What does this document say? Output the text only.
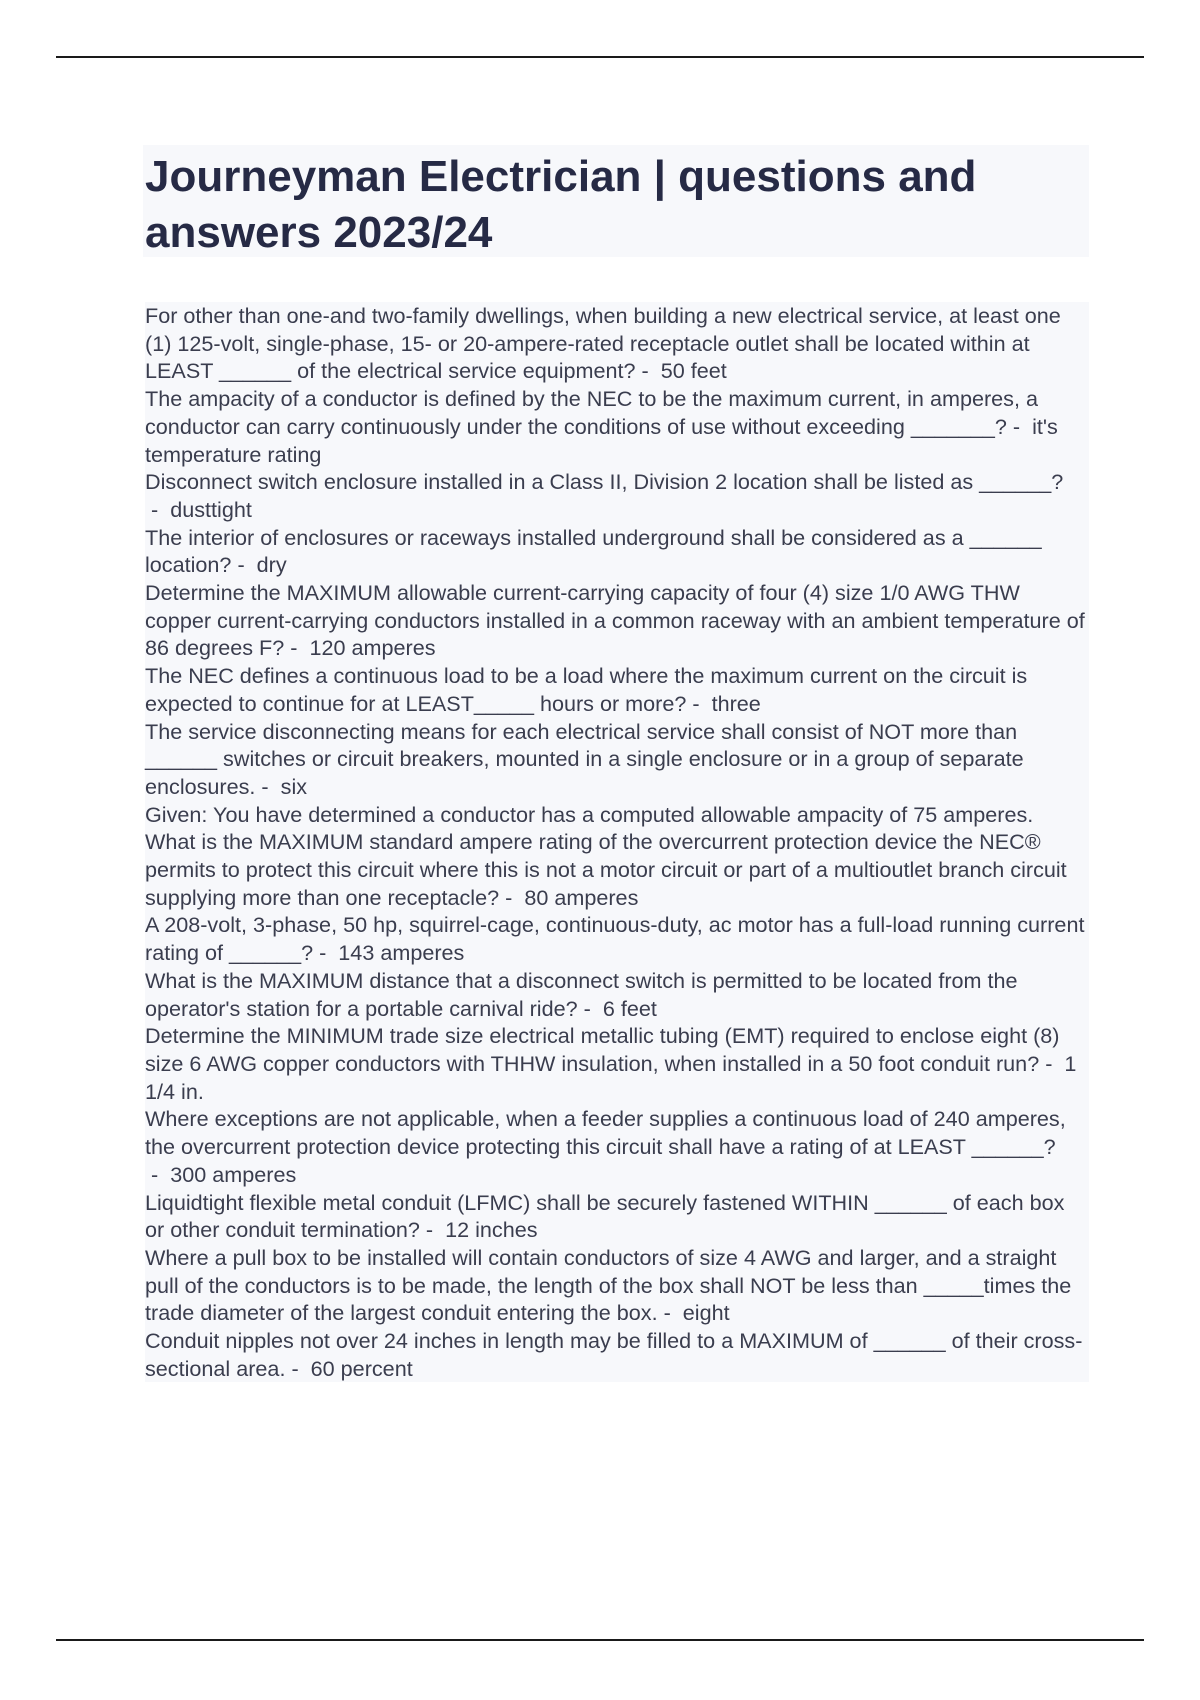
Journeyman Electrician | questions and answers 2023/24

For other than one-and two-family dwellings, when building a new electrical service, at least one (1) 125-volt, single-phase, 15- or 20-ampere-rated receptacle outlet shall be located within at LEAST ______ of the electrical service equipment? -  50 feet

The ampacity of a conductor is defined by the NEC to be the maximum current, in amperes, a conductor can carry continuously under the conditions of use without exceeding _______? -  it's temperature rating

Disconnect switch enclosure installed in a Class II, Division 2 location shall be listed as ______? -  dusttight

The interior of enclosures or raceways installed underground shall be considered as a ______ location? -  dry

Determine the MAXIMUM allowable current-carrying capacity of four (4) size 1/0 AWG THW copper current-carrying conductors installed in a common raceway with an ambient temperature of 86 degrees F? -  120 amperes

The NEC defines a continuous load to be a load where the maximum current on the circuit is expected to continue for at LEAST_____ hours or more? -  three

The service disconnecting means for each electrical service shall consist of NOT more than ______ switches or circuit breakers, mounted in a single enclosure or in a group of separate enclosures. -  six

Given: You have determined a conductor has a computed allowable ampacity of 75 amperes. What is the MAXIMUM standard ampere rating of the overcurrent protection device the NEC® permits to protect this circuit where this is not a motor circuit or part of a multioutlet branch circuit supplying more than one receptacle? -  80 amperes

A 208-volt, 3-phase, 50 hp, squirrel-cage, continuous-duty, ac motor has a full-load running current rating of ______? -  143 amperes

What is the MAXIMUM distance that a disconnect switch is permitted to be located from the operator's station for a portable carnival ride? -  6 feet

Determine the MINIMUM trade size electrical metallic tubing (EMT) required to enclose eight (8) size 6 AWG copper conductors with THHW insulation, when installed in a 50 foot conduit run? -  1 1/4 in.

Where exceptions are not applicable, when a feeder supplies a continuous load of 240 amperes, the overcurrent protection device protecting this circuit shall have a rating of at LEAST ______? -  300 amperes

Liquidtight flexible metal conduit (LFMC) shall be securely fastened WITHIN ______ of each box or other conduit termination? -  12 inches

Where a pull box to be installed will contain conductors of size 4 AWG and larger, and a straight pull of the conductors is to be made, the length of the box shall NOT be less than _____times the trade diameter of the largest conduit entering the box. -  eight

Conduit nipples not over 24 inches in length may be filled to a MAXIMUM of ______ of their cross-sectional area. -  60 percent
